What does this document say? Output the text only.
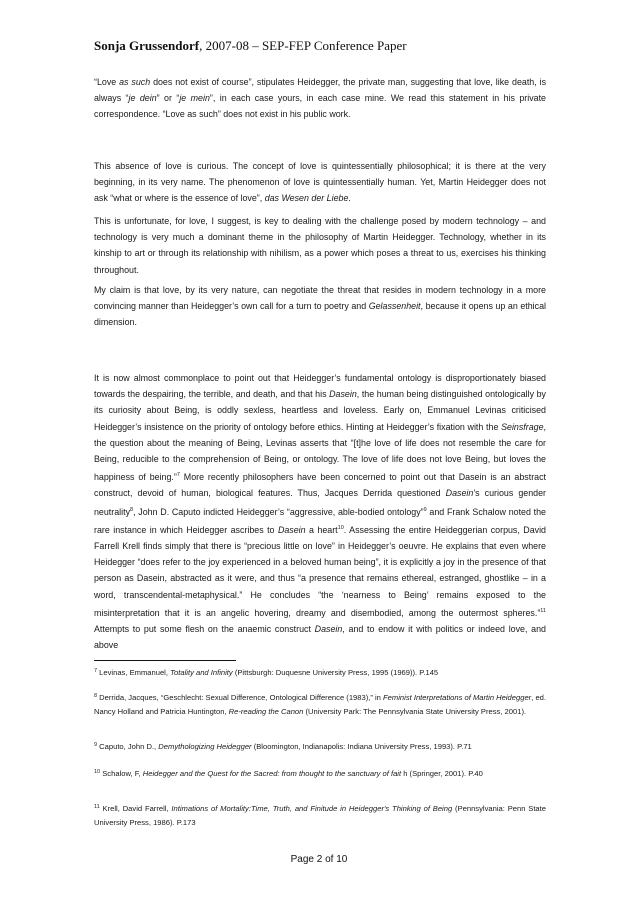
Sonja Grussendorf, 2007-08 – SEP-FEP Conference Paper

“Love as such does not exist of course”, stipulates Heidegger, the private man, suggesting that love, like death, is always “je dein” or “je mein”, in each case yours, in each case mine. We read this statement in his private correspondence. “Love as such” does not exist in his public work.

This absence of love is curious. The concept of love is quintessentially philosophical; it is there at the very beginning, in its very name. The phenomenon of love is quintessentially human. Yet, Martin Heidegger does not ask “what or where is the essence of love”, das Wesen der Liebe.

This is unfortunate, for love, I suggest, is key to dealing with the challenge posed by modern technology – and technology is very much a dominant theme in the philosophy of Martin Heidegger. Technology, whether in its kinship to art or through its relationship with nihilism, as a power which poses a threat to us, exercises his thinking throughout.

My claim is that love, by its very nature, can negotiate the threat that resides in modern technology in a more convincing manner than Heidegger’s own call for a turn to poetry and Gelassenheit, because it opens up an ethical dimension.

It is now almost commonplace to point out that Heidegger’s fundamental ontology is disproportionately biased towards the despairing, the terrible, and death, and that his Dasein, the human being distinguished ontologically by its curiosity about Being, is oddly sexless, heartless and loveless. Early on, Emmanuel Levinas criticised Heidegger’s insistence on the priority of ontology before ethics. Hinting at Heidegger’s fixation with the Seinsfrage, the question about the meaning of Being, Levinas asserts that “[t]he love of life does not resemble the care for Being, reducible to the comprehension of Being, or ontology. The love of life does not love Being, but loves the happiness of being.”$^7$ More recently philosophers have been concerned to point out that Dasein is an abstract construct, devoid of human, biological features. Thus, Jacques Derrida questioned Dasein’s curious gender neutrality$^8$, John D. Caputo indicted Heidegger’s “aggressive, able-bodied ontology”$^9$ and Frank Schalow noted the rare instance in which Heidegger ascribes to Dasein a heart$^{10}$. Assessing the entire Heideggerian corpus, David Farrell Krell finds simply that there is “precious little on love” in Heidegger’s oeuvre. He explains that even where Heidegger “does refer to the joy experienced in a beloved human being”, it is explicitly a joy in the presence of that person as Dasein, abstracted as it were, and thus “a presence that remains ethereal, estranged, ghostlike – in a word, transcendental-metaphysical.” He concludes “the ‘nearness to Being’ remains exposed to the misinterpretation that it is an angelic hovering, dreamy and disembodied, among the outermost spheres.”$^{11}$ Attempts to put some flesh on the anaemic construct Dasein, and to endow it with politics or indeed love, and above

$^7$ Levinas, Emmanuel, Totality and Infinity (Pittsburgh: Duquesne University Press, 1995 (1969)). P.145
$^8$ Derrida, Jacques, “Geschlecht: Sexual Difference, Ontological Difference (1983),” in Feminist Interpretations of Martin Heidegger, ed. Nancy Holland and Patricia Huntington, Re-reading the Canon (University Park: The Pennsylvania State University Press, 2001).
$^9$ Caputo, John D., Demythologizing Heidegger (Bloomington, Indianapolis: Indiana University Press, 1993). P.71
$^{10}$ Schalow, F, Heidegger and the Quest for the Sacred: from thought to the sanctuary of fait h (Springer, 2001). P.40
$^{11}$ Krell, David Farrell, Intimations of Mortality:Time, Truth, and Finitude in Heidegger's Thinking of Being (Pennsylvania: Penn State University Press, 1986). P.173
Page 2 of 10
